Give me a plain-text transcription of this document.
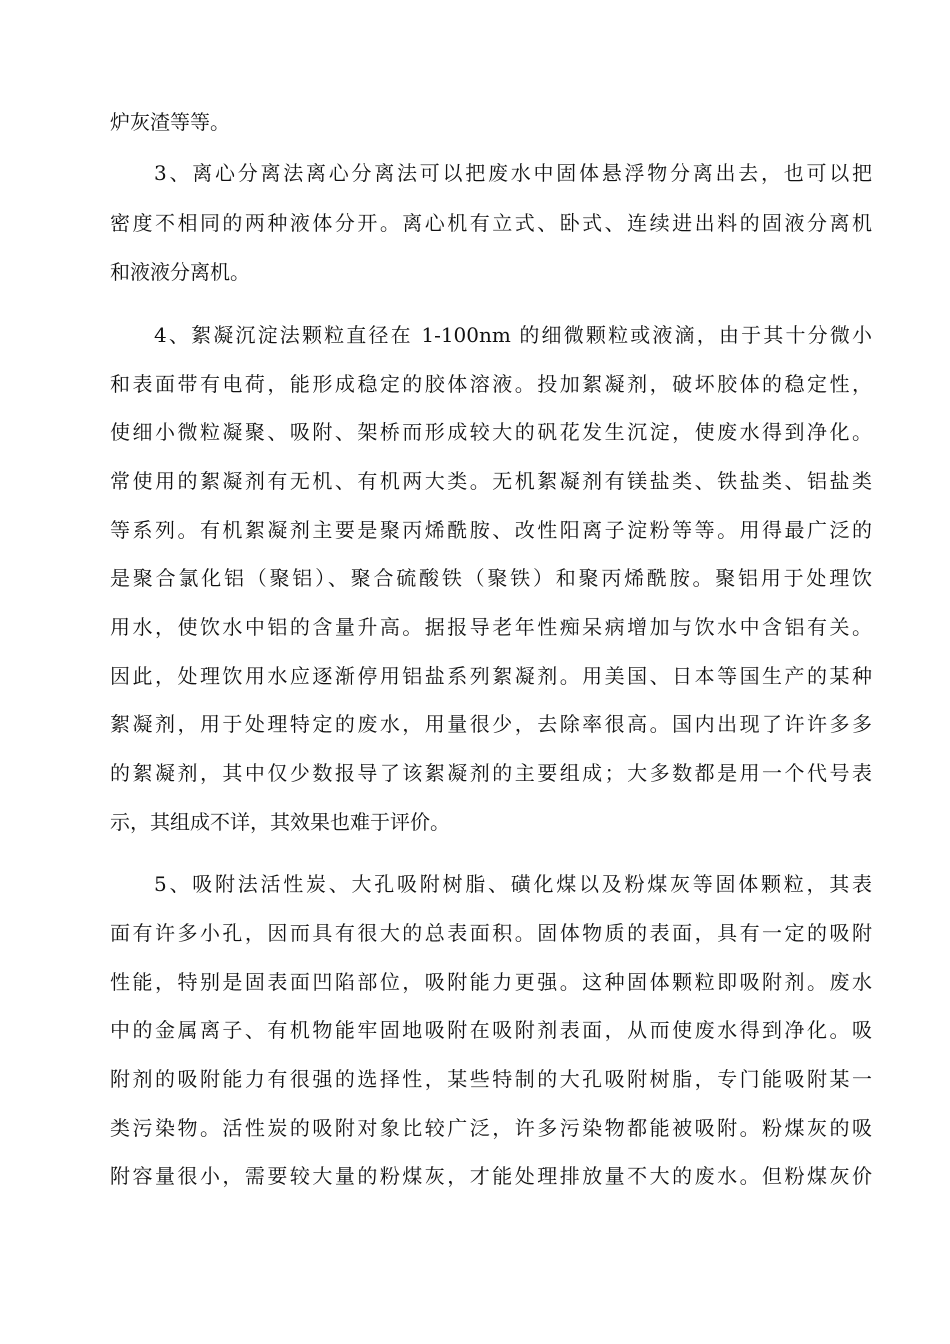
炉灰渣等等。
3、离心分离法离心分离法可以把废水中固体悬浮物分离出去，也可以把
密度不相同的两种液体分开。离心机有立式、卧式、连续进出料的固液分离机
和液液分离机。
4、絮凝沉淀法颗粒直径在 1-100nm 的细微颗粒或液滴，由于其十分微小
和表面带有电荷，能形成稳定的胶体溶液。投加絮凝剂，破坏胶体的稳定性，
使细小微粒凝聚、吸附、架桥而形成较大的矾花发生沉淀，使废水得到净化。
常使用的絮凝剂有无机、有机两大类。无机絮凝剂有镁盐类、铁盐类、铝盐类
等系列。有机絮凝剂主要是聚丙烯酰胺、改性阳离子淀粉等等。用得最广泛的
是聚合氯化铝（聚铝）、聚合硫酸铁（聚铁）和聚丙烯酰胺。聚铝用于处理饮
用水，使饮水中铝的含量升高。据报导老年性痴呆病增加与饮水中含铝有关。
因此，处理饮用水应逐渐停用铝盐系列絮凝剂。用美国、日本等国生产的某种
絮凝剂，用于处理特定的废水，用量很少，去除率很高。国内出现了许许多多
的絮凝剂，其中仅少数报导了该絮凝剂的主要组成；大多数都是用一个代号表
示，其组成不详，其效果也难于评价。
5、吸附法活性炭、大孔吸附树脂、磺化煤以及粉煤灰等固体颗粒，其表
面有许多小孔，因而具有很大的总表面积。固体物质的表面，具有一定的吸附
性能，特别是固表面凹陷部位，吸附能力更强。这种固体颗粒即吸附剂。废水
中的金属离子、有机物能牢固地吸附在吸附剂表面，从而使废水得到净化。吸
附剂的吸附能力有很强的选择性，某些特制的大孔吸附树脂，专门能吸附某一
类污染物。活性炭的吸附对象比较广泛，许多污染物都能被吸附。粉煤灰的吸
附容量很小，需要较大量的粉煤灰，才能处理排放量不大的废水。但粉煤灰价
